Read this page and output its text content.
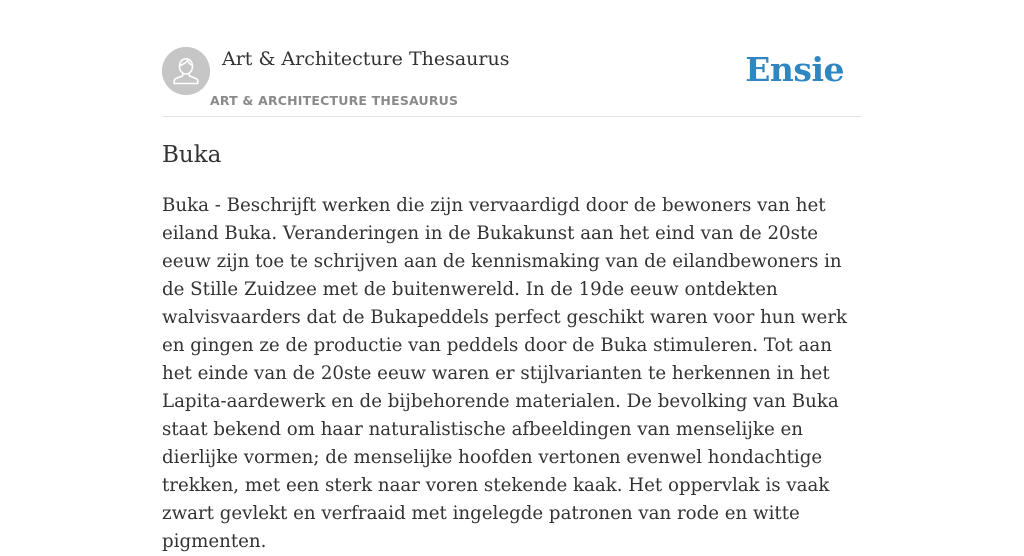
Art & Architecture Thesaurus
ART & ARCHITECTURE THESAURUS
Ensie
Buka

Buka - Beschrijft werken die zijn vervaardigd door de bewoners van het eiland Buka. Veranderingen in de Bukakunst aan het eind van de 20ste eeuw zijn toe te schrijven aan de kennismaking van de eilandbewoners in de Stille Zuidzee met de buitenwereld. In de 19de eeuw ontdekten walvisvaarders dat de Bukapeddels perfect geschikt waren voor hun werk en gingen ze de productie van peddels door de Buka stimuleren. Tot aan het einde van de 20ste eeuw waren er stijlvarianten te herkennen in het Lapita-aardewerk en de bijbehorende materialen. De bevolking van Buka staat bekend om haar naturalistische afbeeldingen van menselijke en dierlijke vormen; de menselijke hoofden vertonen evenwel hondachtige trekken, met een sterk naar voren stekende kaak. Het oppervlak is vaak zwart gevlekt en verfraaid met ingelegde patronen van rode en witte pigmenten.
